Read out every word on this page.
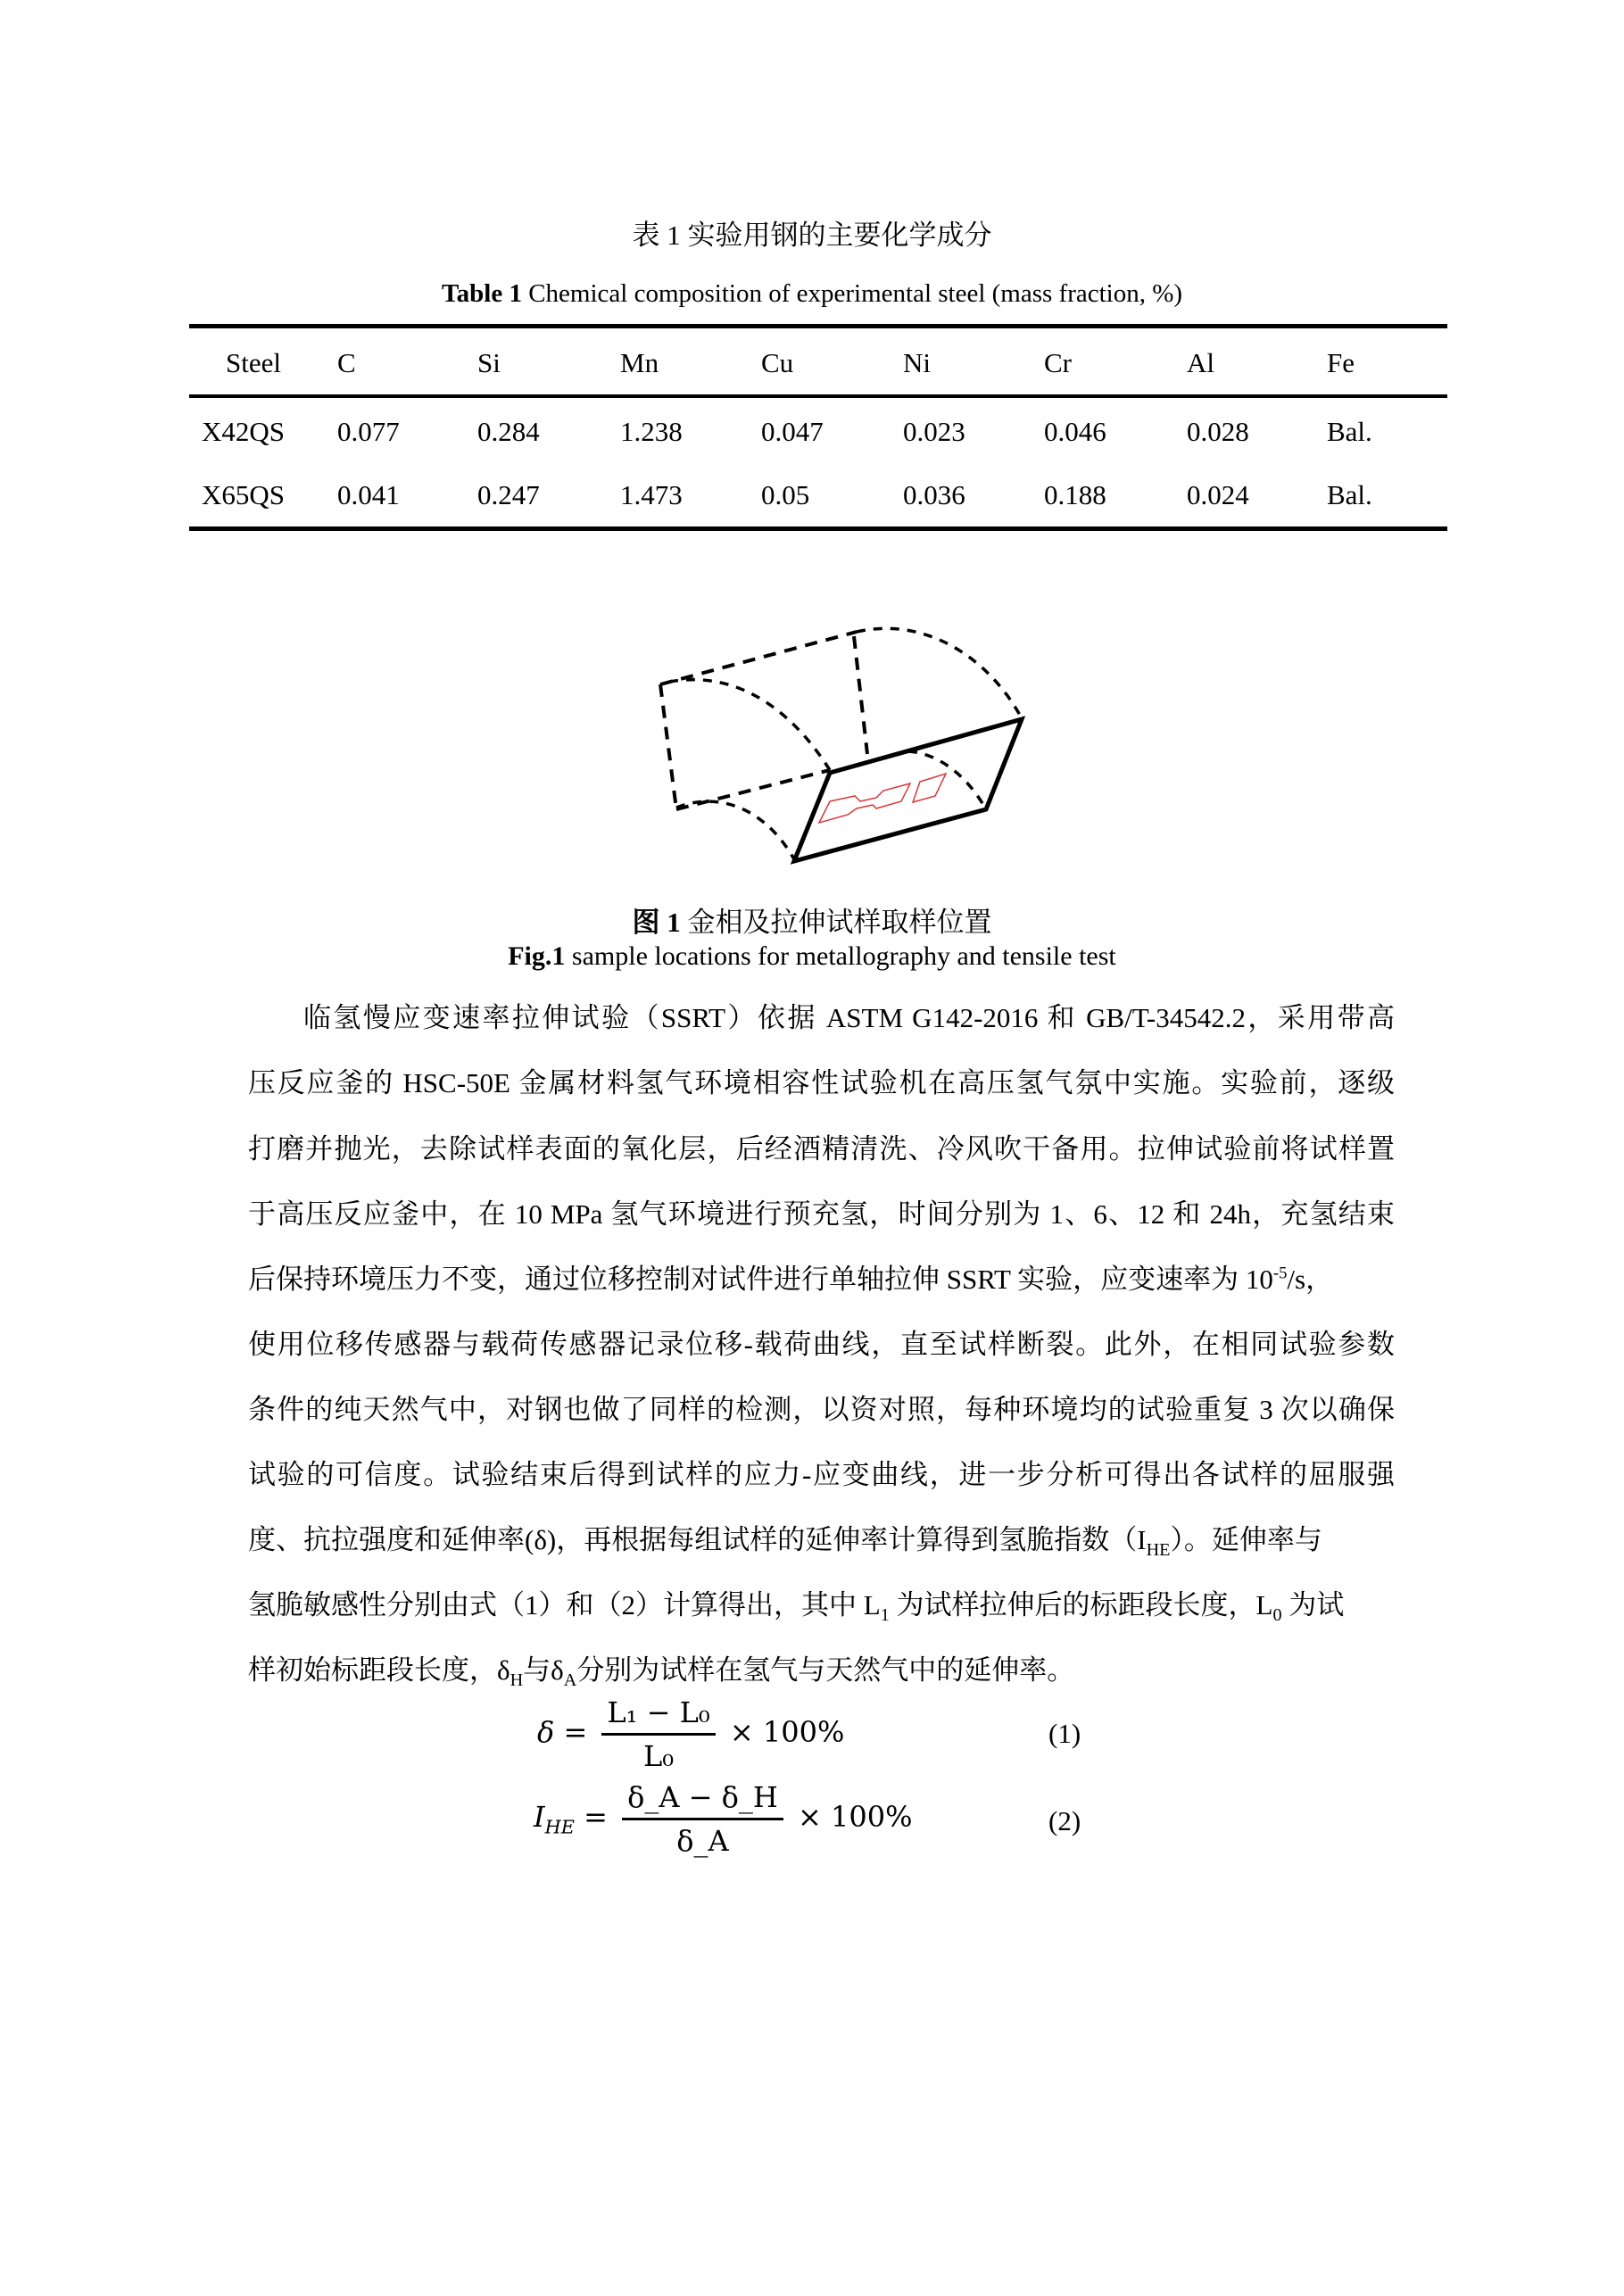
表 1 实验用钢的主要化学成分
Table 1 Chemical composition of experimental steel (mass fraction, %)
Steel C	Si	Mn	Cu	Ni	Cr	Al	Fe
X42QS 0.077	0.284	1.238	0.047	0.023	0.046	0.028	Bal.
X65QS 0.041	0.247	1.473	0.05	0.036	0.188	0.024	Bal.
图 1 金相及拉伸试样取样位置
Fig.1 sample locations for metallography and tensile test
临氢慢应变速率拉伸试验（SSRT）依据 ASTM G142-2016 和 GB/T-34542.2，采用带高
压反应釜的 HSC-50E 金属材料氢气环境相容性试验机在高压氢气氛中实施。实验前，逐级
打磨并抛光，去除试样表面的氧化层，后经酒精清洗、冷风吹干备用。拉伸试验前将试样置
于高压反应釜中，在 10 MPa 氢气环境进行预充氢，时间分别为 1、6、12 和 24h，充氢结束
后保持环境压力不变，通过位移控制对试件进行单轴拉伸 SSRT 实验，应变速率为 $10^{-5}/s$，
使用位移传感器与载荷传感器记录位移-载荷曲线，直至试样断裂。此外，在相同试验参数
条件的纯天然气中，对钢也做了同样的检测，以资对照，每种环境均的试验重复 3 次以确保
试验的可信度。试验结束后得到试样的应力-应变曲线，进一步分析可得出各试样的屈服强
度、抗拉强度和延伸率(δ)，再根据每组试样的延伸率计算得到氢脆指数$(I_{HE})$。延伸率与
氢脆敏感性分别由式（1）和（2）计算得出，其中 $L_1$ 为试样拉伸后的标距段长度，$L_0$ 为试
样初始标距段长度，$\delta_H$与$\delta_A$分别为试样在氢气与天然气中的延伸率。
$\delta = \frac{\text{L₁ − L₀}}{\text{L₀}} \times 100\%$	(1)
$I_{HE} = \frac{\delta\_A - \delta\_H}{\delta\_A} \times 100\%$	(2)
